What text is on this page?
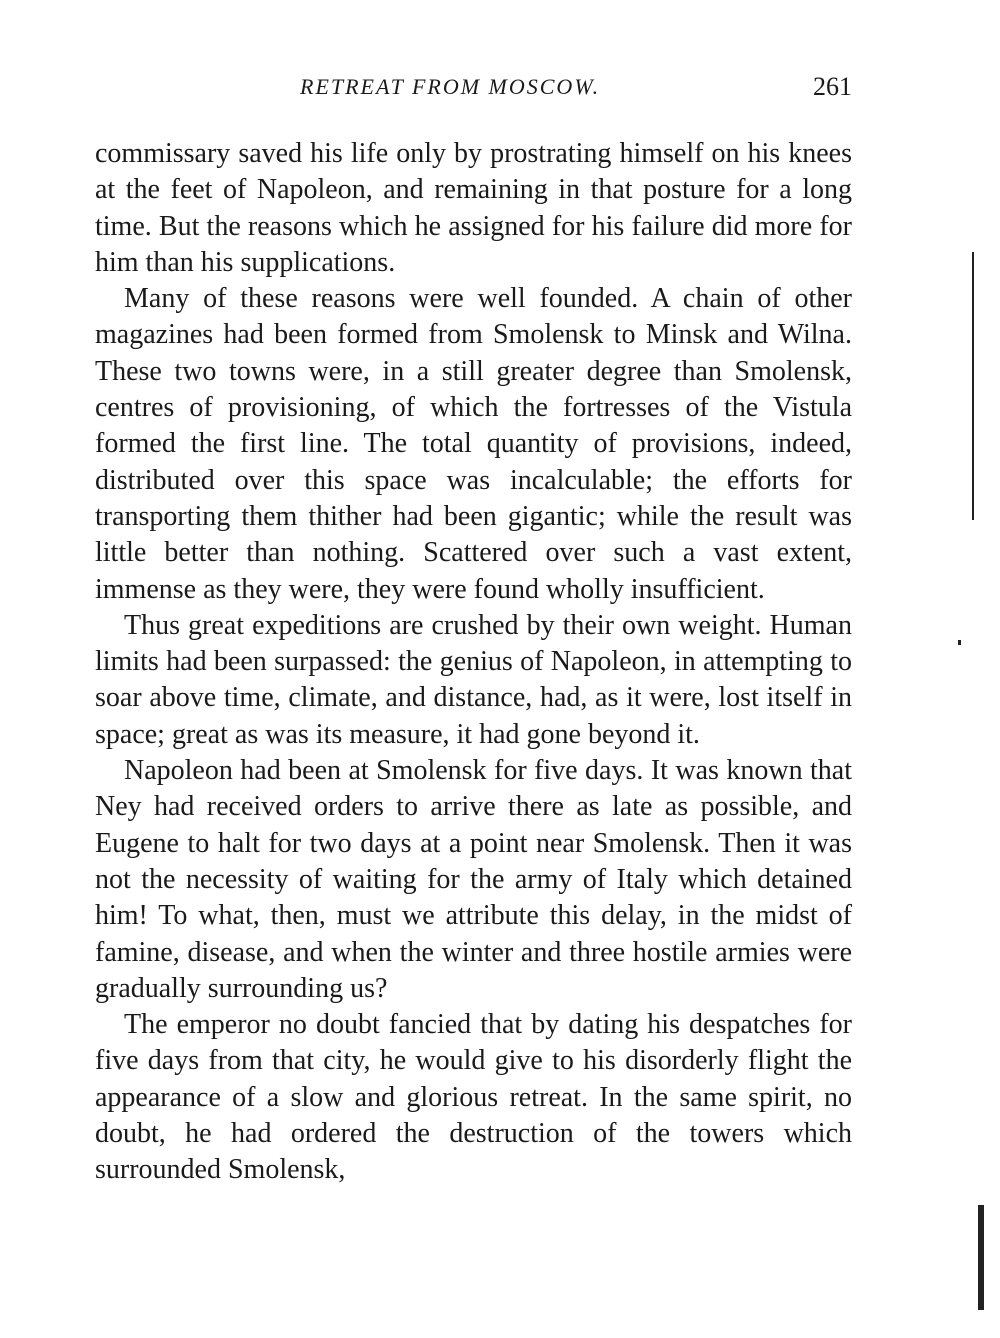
RETREAT FROM MOSCOW.	261

commissary saved his life only by prostrating himself on his knees at the feet of Napoleon, and remaining in that posture for a long time. But the reasons which he assigned for his failure did more for him than his supplications.

Many of these reasons were well founded. A chain of other magazines had been formed from Smolensk to Minsk and Wilna. These two towns were, in a still greater degree than Smolensk, centres of provisioning, of which the fortresses of the Vistula formed the first line. The total quantity of provisions, indeed, distributed over this space was incalculable; the efforts for transporting them thither had been gigantic; while the result was little better than nothing. Scattered over such a vast extent, immense as they were, they were found wholly insufficient.

Thus great expeditions are crushed by their own weight. Human limits had been surpassed: the genius of Napoleon, in attempting to soar above time, climate, and distance, had, as it were, lost itself in space; great as was its measure, it had gone beyond it.

Napoleon had been at Smolensk for five days. It was known that Ney had received orders to arrive there as late as possible, and Eugene to halt for two days at a point near Smolensk. Then it was not the necessity of waiting for the army of Italy which detained him! To what, then, must we attribute this delay, in the midst of famine, disease, and when the winter and three hostile armies were gradually surrounding us?

The emperor no doubt fancied that by dating his despatches for five days from that city, he would give to his disorderly flight the appearance of a slow and glorious retreat. In the same spirit, no doubt, he had ordered the destruction of the towers which surrounded Smolensk,
